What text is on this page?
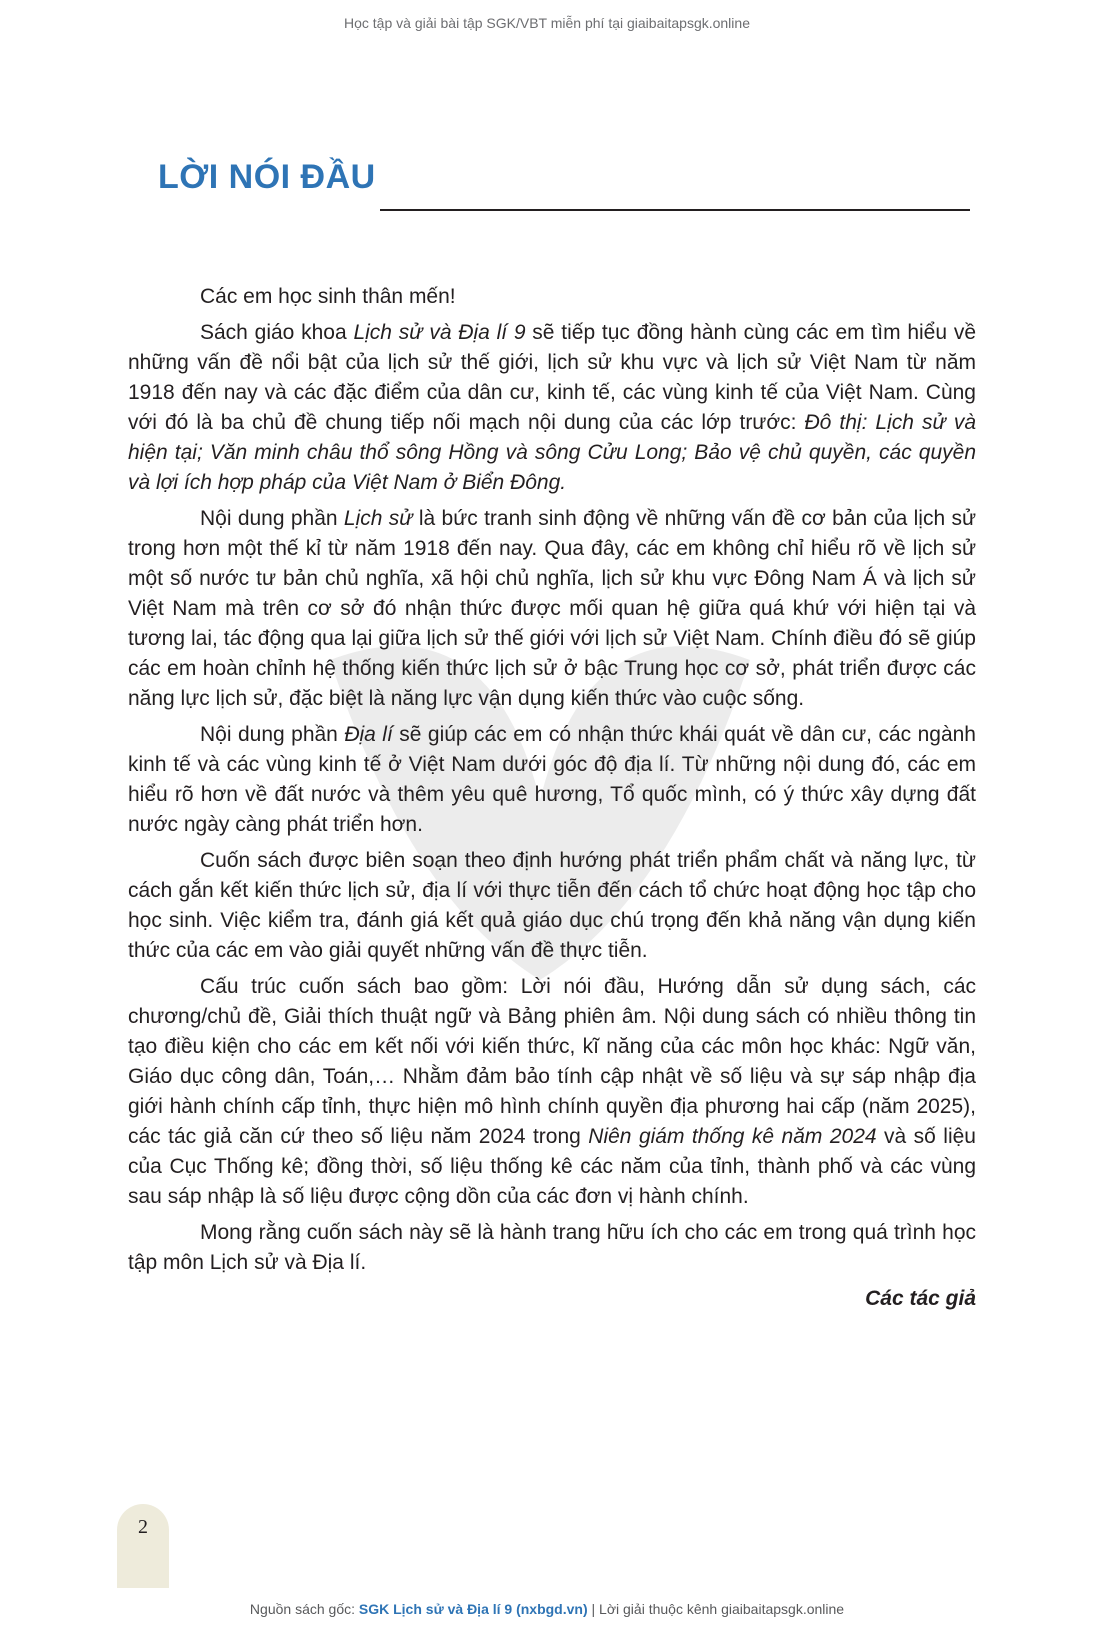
Học tập và giải bài tập SGK/VBT miễn phí tại giaibaitapsgk.online
LỜI NÓI ĐẦU

Các em học sinh thân mến!

Sách giáo khoa Lịch sử và Địa lí 9 sẽ tiếp tục đồng hành cùng các em tìm hiểu về những vấn đề nổi bật của lịch sử thế giới, lịch sử khu vực và lịch sử Việt Nam từ năm 1918 đến nay và các đặc điểm của dân cư, kinh tế, các vùng kinh tế của Việt Nam. Cùng với đó là ba chủ đề chung tiếp nối mạch nội dung của các lớp trước: Đô thị: Lịch sử và hiện tại; Văn minh châu thổ sông Hồng và sông Cửu Long; Bảo vệ chủ quyền, các quyền và lợi ích hợp pháp của Việt Nam ở Biển Đông.

Nội dung phần Lịch sử là bức tranh sinh động về những vấn đề cơ bản của lịch sử trong hơn một thế kỉ từ năm 1918 đến nay. Qua đây, các em không chỉ hiểu rõ về lịch sử một số nước tư bản chủ nghĩa, xã hội chủ nghĩa, lịch sử khu vực Đông Nam Á và lịch sử Việt Nam mà trên cơ sở đó nhận thức được mối quan hệ giữa quá khứ với hiện tại và tương lai, tác động qua lại giữa lịch sử thế giới với lịch sử Việt Nam. Chính điều đó sẽ giúp các em hoàn chỉnh hệ thống kiến thức lịch sử ở bậc Trung học cơ sở, phát triển được các năng lực lịch sử, đặc biệt là năng lực vận dụng kiến thức vào cuộc sống.

Nội dung phần Địa lí sẽ giúp các em có nhận thức khái quát về dân cư, các ngành kinh tế và các vùng kinh tế ở Việt Nam dưới góc độ địa lí. Từ những nội dung đó, các em hiểu rõ hơn về đất nước và thêm yêu quê hương, Tổ quốc mình, có ý thức xây dựng đất nước ngày càng phát triển hơn.

Cuốn sách được biên soạn theo định hướng phát triển phẩm chất và năng lực, từ cách gắn kết kiến thức lịch sử, địa lí với thực tiễn đến cách tổ chức hoạt động học tập cho học sinh. Việc kiểm tra, đánh giá kết quả giáo dục chú trọng đến khả năng vận dụng kiến thức của các em vào giải quyết những vấn đề thực tiễn.

Cấu trúc cuốn sách bao gồm: Lời nói đầu, Hướng dẫn sử dụng sách, các chương/chủ đề, Giải thích thuật ngữ và Bảng phiên âm. Nội dung sách có nhiều thông tin tạo điều kiện cho các em kết nối với kiến thức, kĩ năng của các môn học khác: Ngữ văn, Giáo dục công dân, Toán,… Nhằm đảm bảo tính cập nhật về số liệu và sự sáp nhập địa giới hành chính cấp tỉnh, thực hiện mô hình chính quyền địa phương hai cấp (năm 2025), các tác giả căn cứ theo số liệu năm 2024 trong Niên giám thống kê năm 2024 và số liệu của Cục Thống kê; đồng thời, số liệu thống kê các năm của tỉnh, thành phố và các vùng sau sáp nhập là số liệu được cộng dồn của các đơn vị hành chính.

Mong rằng cuốn sách này sẽ là hành trang hữu ích cho các em trong quá trình học tập môn Lịch sử và Địa lí.

Các tác giả

2
Nguồn sách gốc: SGK Lịch sử và Địa lí 9 (nxbgd.vn) | Lời giải thuộc kênh giaibaitapsgk.online
